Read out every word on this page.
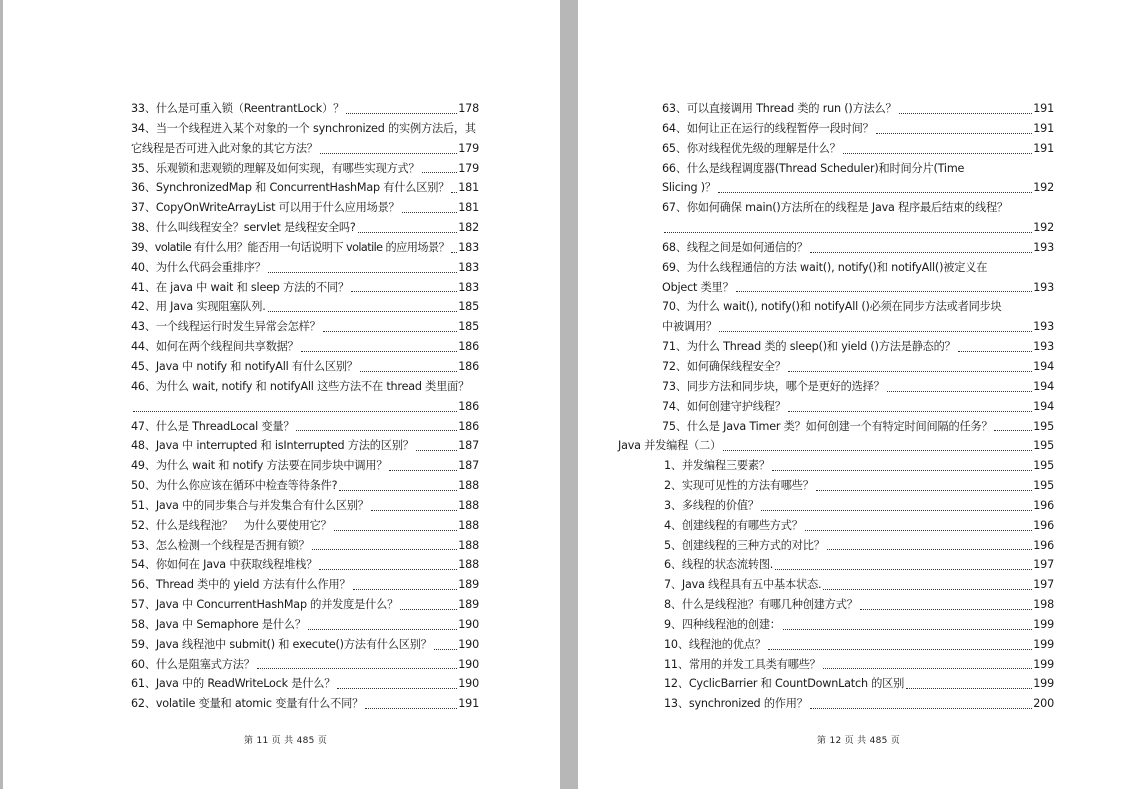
33、什么是可重入锁（ReentrantLock）？	178
34、当一个线程进入某个对象的一个 synchronized 的实例方法后，其
它线程是否可进入此对象的其它方法？	179
35、乐观锁和悲观锁的理解及如何实现，有哪些实现方式？	179
36、SynchronizedMap 和 ConcurrentHashMap 有什么区别？ 181
37、CopyOnWriteArrayList 可以用于什么应用场景？	181
38、什么叫线程安全？servlet 是线程安全吗?	182
39、volatile 有什么用？能否用一句话说明下 volatile 的应用场景？ 183
40、为什么代码会重排序？	183
41、在 java 中 wait 和 sleep 方法的不同？	183
42、用 Java 实现阻塞队列.	185
43、一个线程运行时发生异常会怎样？	185
44、如何在两个线程间共享数据？	186
45、Java 中 notify 和 notifyAll 有什么区别？	186
46、为什么 wait, notify 和 notifyAll 这些方法不在 thread 类里面？
186
47、什么是 ThreadLocal 变量？	186
48、Java 中 interrupted 和 isInterrupted 方法的区别？	187
49、为什么 wait 和 notify 方法要在同步块中调用？	187
50、为什么你应该在循环中检查等待条件?	188
51、Java 中的同步集合与并发集合有什么区别？	188
52、什么是线程池？　为什么要使用它？	188
53、怎么检测一个线程是否拥有锁？	188
54、你如何在 Java 中获取线程堆栈？	188
56、Thread 类中的 yield 方法有什么作用？	189
57、Java 中 ConcurrentHashMap 的并发度是什么？	189
58、Java 中 Semaphore 是什么？	190
59、Java 线程池中 submit() 和 execute()方法有什么区别？ 190
60、什么是阻塞式方法？	190
61、Java 中的 ReadWriteLock 是什么？	190
62、volatile 变量和 atomic 变量有什么不同？	191
第 11 页 共 485 页
63、可以直接调用 Thread 类的 run ()方法么？	191
64、如何让正在运行的线程暂停一段时间？	191
65、你对线程优先级的理解是什么？	191
66、什么是线程调度器(Thread Scheduler)和时间分片(Time
Slicing )？	192
67、你如何确保 main()方法所在的线程是 Java 程序最后结束的线程？
192
68、线程之间是如何通信的？	193
69、为什么线程通信的方法 wait(), notify()和 notifyAll()被定义在
Object 类里？	193
70、为什么 wait(), notify()和 notifyAll ()必须在同步方法或者同步块
中被调用？	193
71、为什么 Thread 类的 sleep()和 yield ()方法是静态的？	193
72、如何确保线程安全？	194
73、同步方法和同步块，哪个是更好的选择？	194
74、如何创建守护线程？	194
75、什么是 Java Timer 类？如何创建一个有特定时间间隔的任务？	195
Java 并发编程（二）	195
1、并发编程三要素？	195
2、实现可见性的方法有哪些？	195
3、多线程的价值？	196
4、创建线程的有哪些方式？	196
5、创建线程的三种方式的对比？	196
6、线程的状态流转图.	197
7、Java 线程具有五中基本状态.	197
8、什么是线程池？有哪几种创建方式？	198
9、四种线程池的创建：	199
10、线程池的优点？	199
11、常用的并发工具类有哪些？	199
12、CyclicBarrier 和 CountDownLatch 的区别	199
13、synchronized 的作用？	200
第 12 页 共 485 页
